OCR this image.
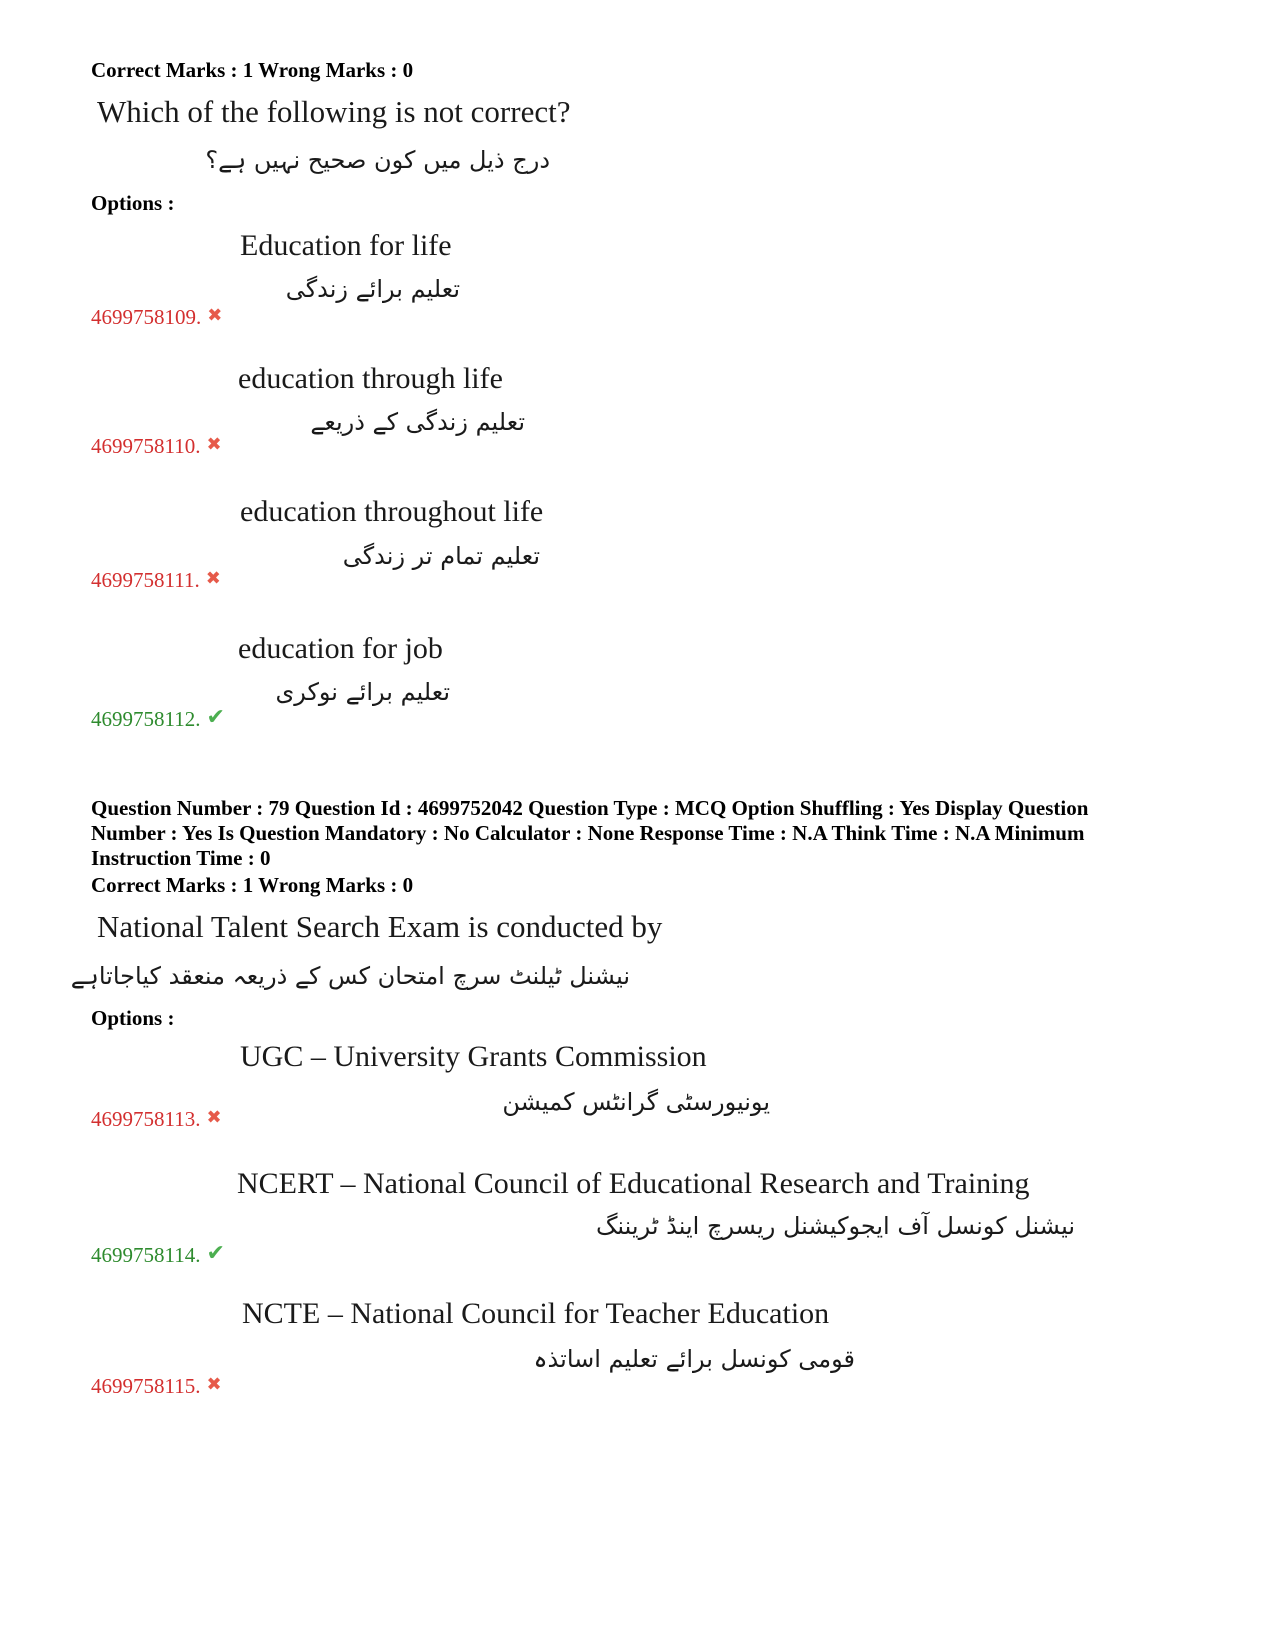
Correct Marks : 1 Wrong Marks : 0
Which of the following is not correct?
درج ذیل میں کون صحیح نہیں ہے؟
Options :
Education for life
تعلیم برائے زندگی
4699758109. ✖
education through life
تعلیم زندگی کے ذریعے
4699758110. ✖
education throughout life
تعلیم تمام تر زندگی
4699758111. ✖
education for job
تعلیم برائے نوکری
4699758112. ✔
Question Number : 79 Question Id : 4699752042 Question Type : MCQ Option Shuffling : Yes Display Question
Number : Yes Is Question Mandatory : No Calculator : None Response Time : N.A Think Time : N.A Minimum
Instruction Time : 0
Correct Marks : 1 Wrong Marks : 0
National Talent Search Exam is conducted by
نیشنل ٹیلنٹ سرچ امتحان کس کے ذریعہ منعقد کیاجاتاہے
Options :
UGC – University Grants Commission
یونیورسٹی گرانٹس کمیشن
4699758113. ✖
NCERT – National Council of Educational Research and Training
نیشنل کونسل آف ایجوکیشنل ریسرچ اینڈ ٹریننگ
4699758114. ✔
NCTE – National Council for Teacher Education
قومی کونسل برائے تعلیم اساتذہ
4699758115. ✖
